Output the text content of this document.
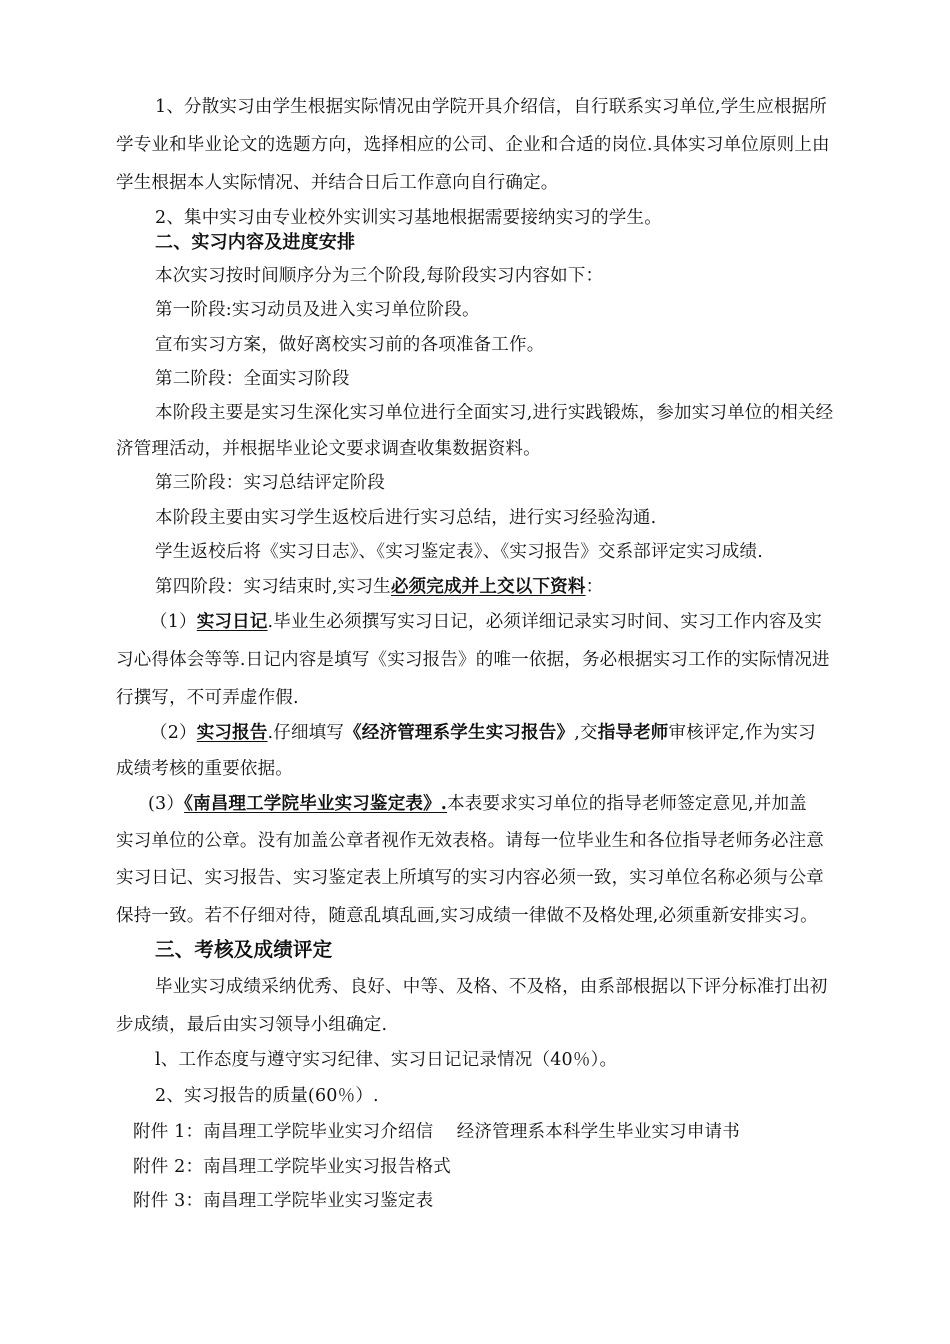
1、分散实习由学生根据实际情况由学院开具介绍信，自行联系实习单位,学生应根据所

学专业和毕业论文的选题方向，选择相应的公司、企业和合适的岗位.具体实习单位原则上由

学生根据本人实际情况、并结合日后工作意向自行确定。

2、集中实习由专业校外实训实习基地根据需要接纳实习的学生。

二、实习内容及进度安排

本次实习按时间顺序分为三个阶段,每阶段实习内容如下：

第一阶段:实习动员及进入实习单位阶段。

宣布实习方案，做好离校实习前的各项准备工作。

第二阶段：全面实习阶段

本阶段主要是实习生深化实习单位进行全面实习,进行实践锻炼，参加实习单位的相关经

济管理活动，并根据毕业论文要求调查收集数据资料。

第三阶段：实习总结评定阶段

本阶段主要由实习学生返校后进行实习总结，进行实习经验沟通.

学生返校后将《实习日志》、《实习鉴定表》、《实习报告》交系部评定实习成绩.

第四阶段：实习结束时,实习生必须完成并上交以下资料：

（1）实习日记.毕业生必须撰写实习日记，必须详细记录实习时间、实习工作内容及实

习心得体会等等.日记内容是填写《实习报告》的唯一依据，务必根据实习工作的实际情况进

行撰写，不可弄虚作假.

（2）实习报告.仔细填写《经济管理系学生实习报告》,交指导老师审核评定,作为实习

成绩考核的重要依据。

(3）《南昌理工学院毕业实习鉴定表》.本表要求实习单位的指导老师签定意见,并加盖

实习单位的公章。没有加盖公章者视作无效表格。请每一位毕业生和各位指导老师务必注意

实习日记、实习报告、实习鉴定表上所填写的实习内容必须一致，实习单位名称必须与公章

保持一致。若不仔细对待，随意乱填乱画,实习成绩一律做不及格处理,必须重新安排实习。

三、考核及成绩评定

毕业实习成绩采纳优秀、良好、中等、及格、不及格，由系部根据以下评分标准打出初

步成绩，最后由实习领导小组确定.

l、工作态度与遵守实习纪律、实习日记记录情况（40％）。

2、实习报告的质量(60％）.

附件 1：南昌理工学院毕业实习介绍信　 经济管理系本科学生毕业实习申请书

附件 2：南昌理工学院毕业实习报告格式

附件 3：南昌理工学院毕业实习鉴定表
